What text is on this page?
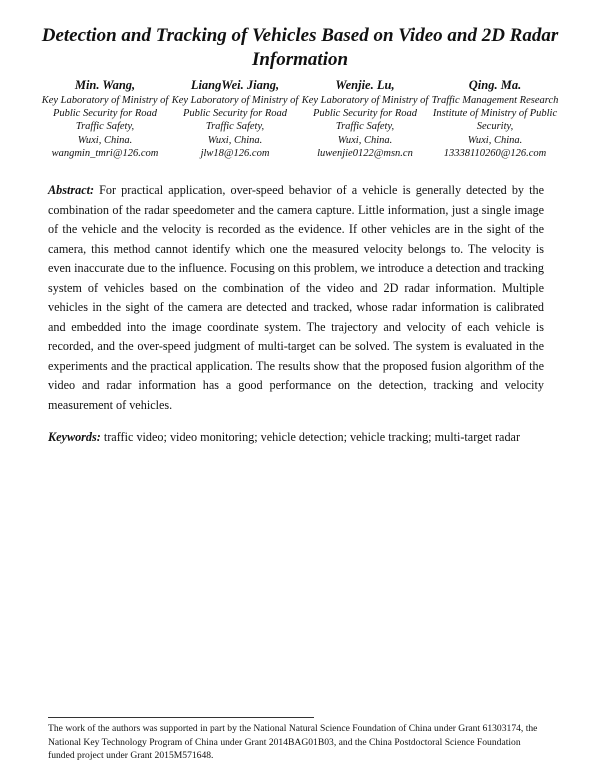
Detection and Tracking of Vehicles Based on Video and 2D Radar Information
Min. Wang,
Key Laboratory of Ministry of Public Security for Road Traffic Safety,
Wuxi, China.
wangmin_tmri@126.com
LiangWei. Jiang,
Key Laboratory of Ministry of Public Security for Road Traffic Safety,
Wuxi, China.
jlw18@126.com
Wenjie. Lu,
Key Laboratory of Ministry of Public Security for Road Traffic Safety,
Wuxi, China.
luwenjie0122@msn.cn
Qing. Ma.
Traffic Management Research Institute of Ministry of Public Security,
Wuxi, China.
13338110260@126.com

Abstract: For practical application, over-speed behavior of a vehicle is generally detected by the combination of the radar speedometer and the camera capture. Little information, just a single image of the vehicle and the velocity is recorded as the evidence. If other vehicles are in the sight of the camera, this method cannot identify which one the measured velocity belongs to. The velocity is even inaccurate due to the influence. Focusing on this problem, we introduce a detection and tracking system of vehicles based on the combination of the video and 2D radar information. Multiple vehicles in the sight of the camera are detected and tracked, whose radar information is calibrated and embedded into the image coordinate system. The trajectory and velocity of each vehicle is recorded, and the over-speed judgment of multi-target can be solved. The system is evaluated in the experiments and the practical application. The results show that the proposed fusion algorithm of the video and radar information has a good performance on the detection, tracking and velocity measurement of vehicles.

Keywords: traffic video; video monitoring; vehicle detection; vehicle tracking; multi-target radar

The work of the authors was supported in part by the National Natural Science Foundation of China under Grant 61303174, the National Key Technology Program of China under Grant 2014BAG01B03, and the China Postdoctoral Science Foundation funded project under Grant 2015M571648.
